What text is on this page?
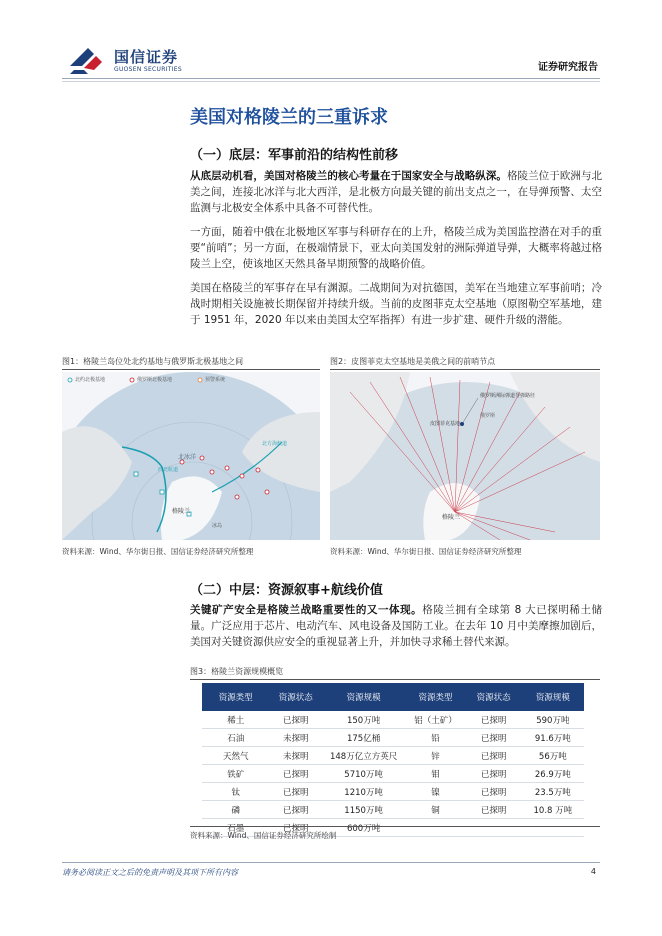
国信证券
GUOSEN SECURITIES	证券研究报告
美国对格陵兰的三重诉求
（一）底层：军事前沿的结构性前移

从底层动机看，美国对格陵兰的核心考量在于国家安全与战略纵深。格陵兰位于欧洲与北美之间，连接北冰洋与北大西洋，是北极方向最关键的前出支点之一，在导弹预警、太空监测与北极安全体系中具备不可替代性。

一方面，随着中俄在北极地区军事与科研存在的上升，格陵兰成为美国监控潜在对手的重要“前哨”；另一方面，在极端情景下，亚太向美国发射的洲际弹道导弹，大概率将越过格陵兰上空，使该地区天然具备早期预警的战略价值。

美国在格陵兰的军事存在早有渊源。二战期间为对抗德国，美军在当地建立军事前哨；冷战时期相关设施被长期保留并持续升级。当前的皮图菲克太空基地（原图勒空军基地，建于 1951 年，2020 年以来由美国太空军指挥）有进一步扩建、硬件升级的潜能。

图1：格陵兰岛位处北约基地与俄罗斯北极基地之间
北约北极基地	俄罗斯北极基地	预警系统
北冰洋
格陵兰
西北航道
北方海航道
冰岛
资料来源：Wind、华尔街日报、国信证券经济研究所整理
图2：皮图菲克太空基地是美俄之间的前哨节点
俄罗斯洲际弹道导弹路径
皮图菲克基地
格陵兰
俄罗斯
资料来源：Wind、华尔街日报、国信证券经济研究所整理
（二）中层：资源叙事+航线价值

关键矿产安全是格陵兰战略重要性的又一体现。格陵兰拥有全球第 8 大已探明稀土储量。广泛应用于芯片、电动汽车、风电设备及国防工业。在去年 10 月中美摩擦加剧后，美国对关键资源供应安全的重视显著上升，并加快寻求稀土替代来源。

图3：格陵兰资源规模概览
资源类型	资源状态	资源规模	资源类型	资源状态	资源规模
稀土	已探明	150万吨	铝（土矿）	已探明	590万吨
石油	未探明	175亿桶	铅	已探明	91.6万吨
天然气	未探明	148万亿立方英尺	锌	已探明	56万吨
铁矿	已探明	5710万吨	钼	已探明	26.9万吨
钛	已探明	1210万吨	镍	已探明	23.5万吨
磷	已探明	1150万吨	铜	已探明	10.8 万吨
石墨	已探明	600万吨			
资料来源：Wind、国信证券经济研究所绘制
请务必阅读正文之后的免责声明及其项下所有内容	4
